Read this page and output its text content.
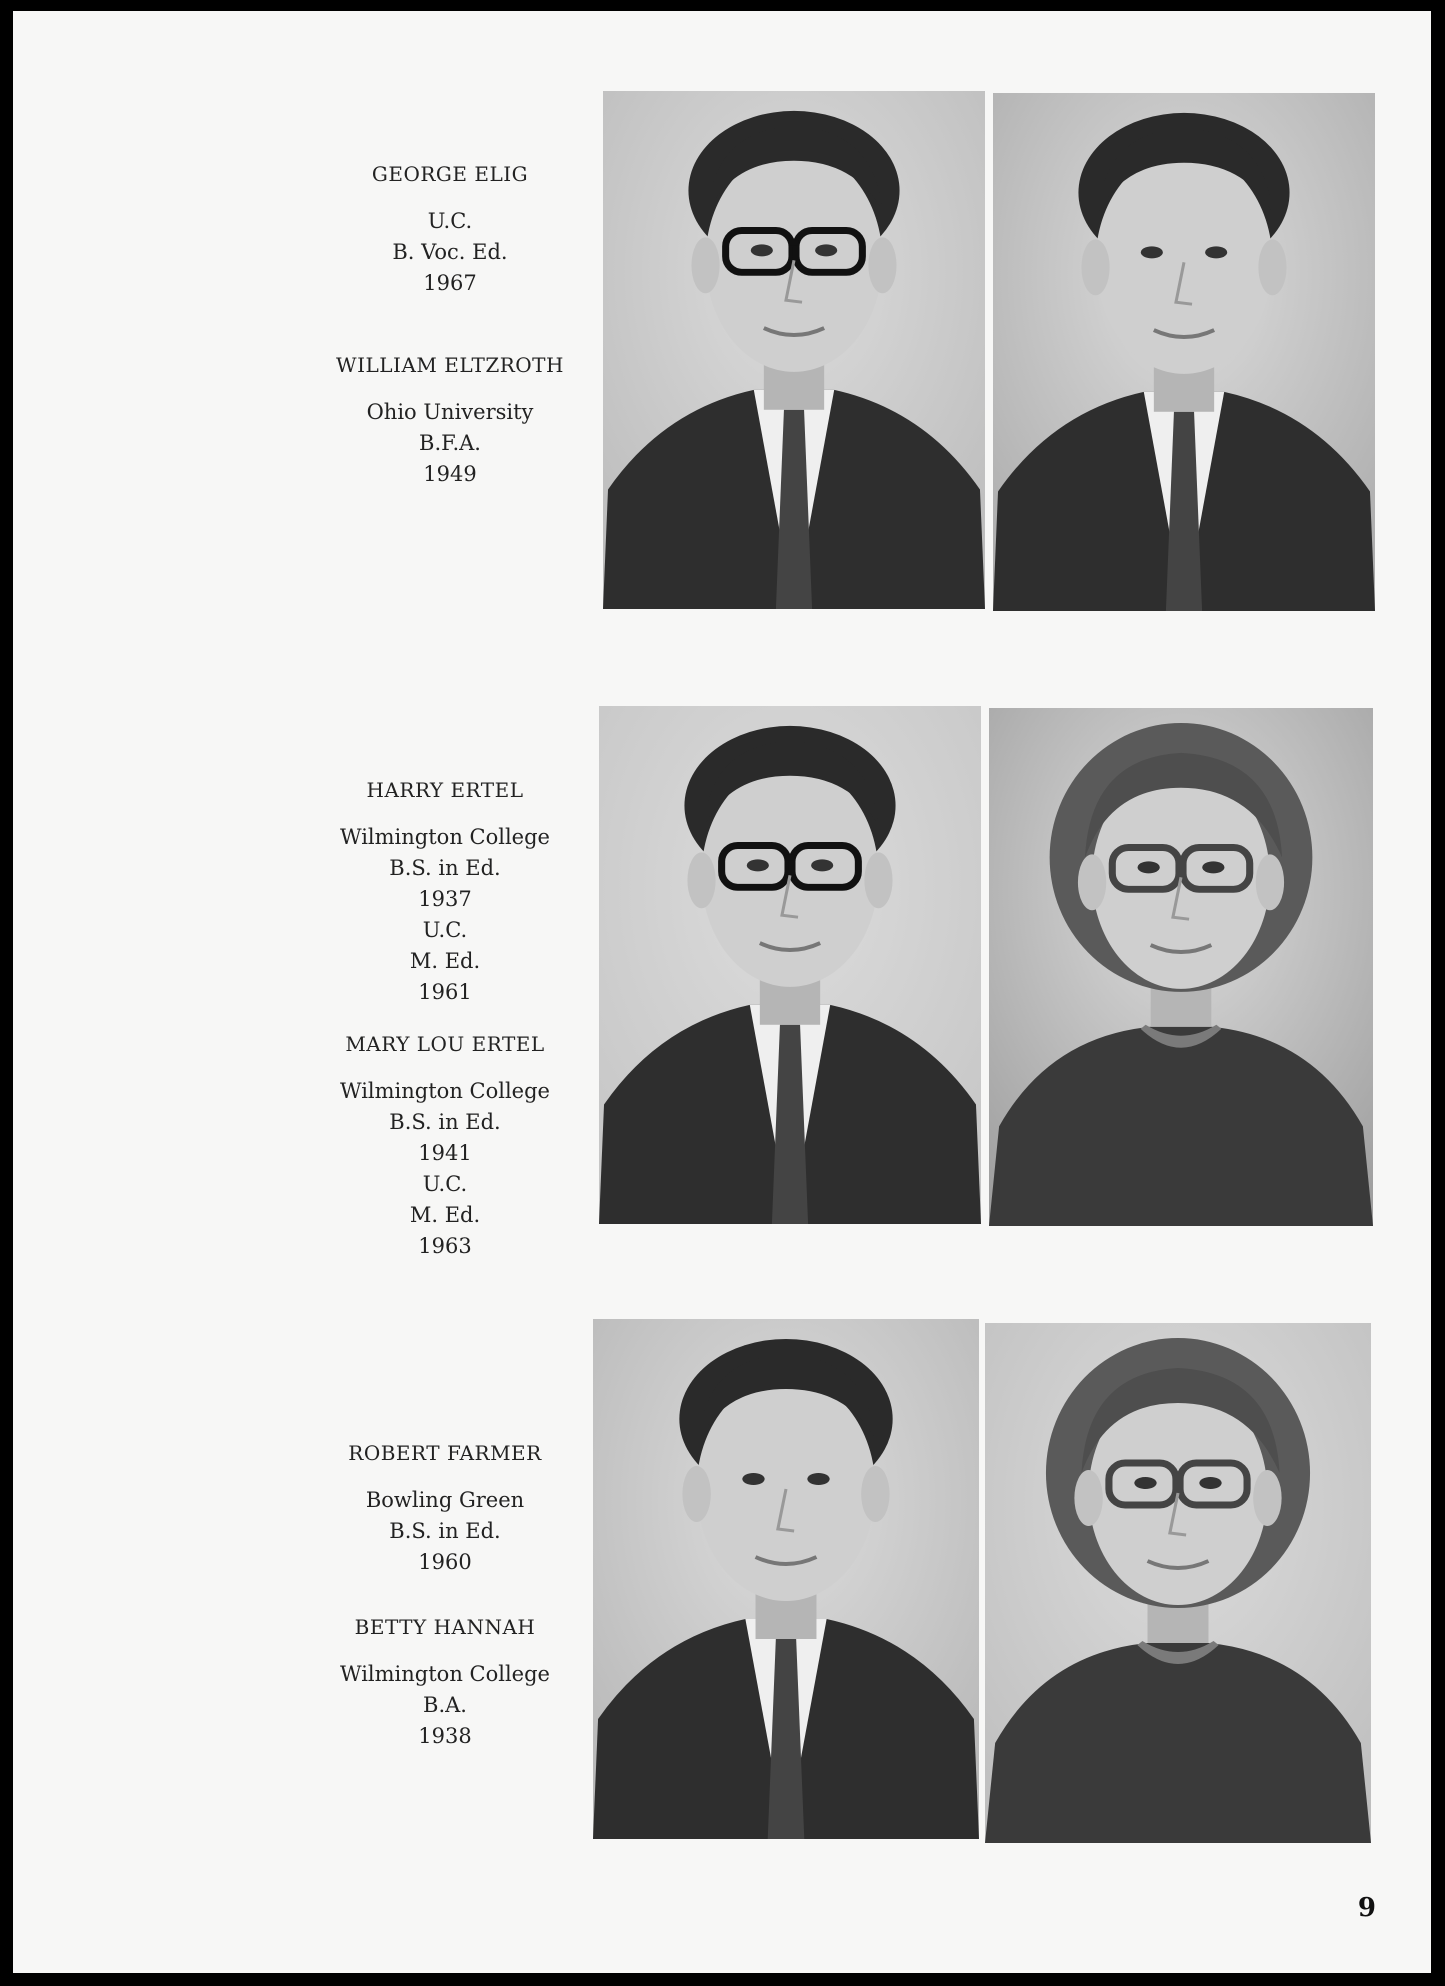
GEORGE ELIG
U.C.
B. Voc. Ed.
1967
WILLIAM ELTZROTH
Ohio University
B.F.A.
1949
HARRY ERTEL
Wilmington College
B.S. in Ed.
1937
U.C.
M. Ed.
1961
MARY LOU ERTEL
Wilmington College
B.S. in Ed.
1941
U.C.
M. Ed.
1963
ROBERT FARMER
Bowling Green
B.S. in Ed.
1960
BETTY HANNAH
Wilmington College
B.A.
1938
9
